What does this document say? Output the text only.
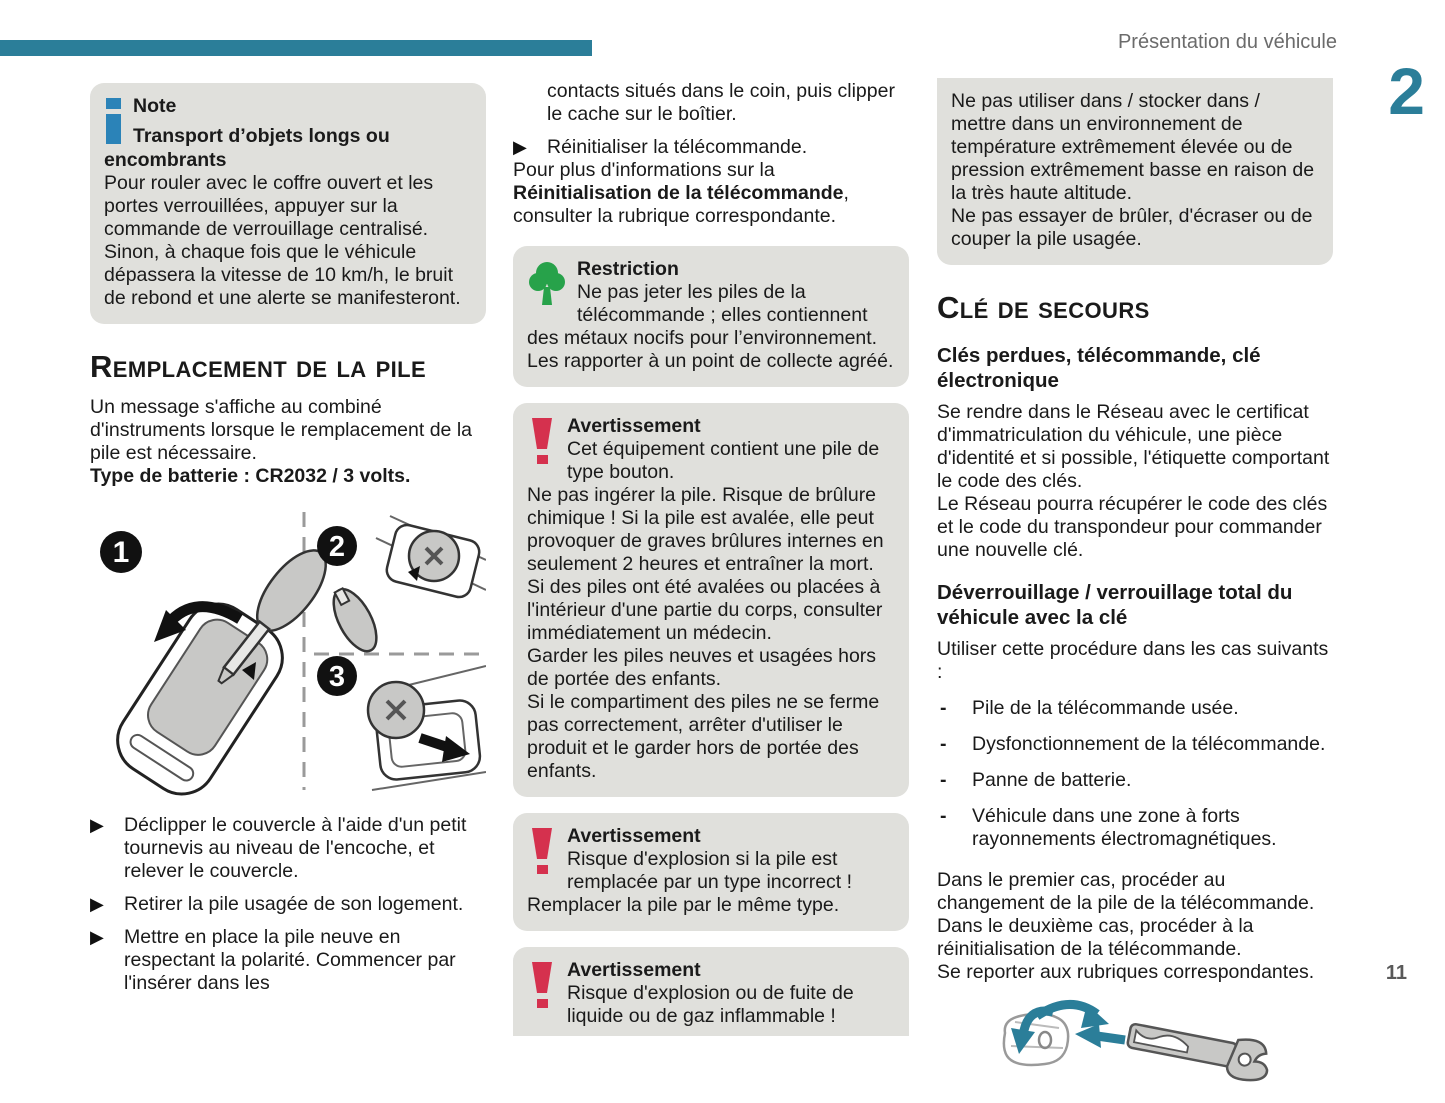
Présentation du véhicule
2
11
Note
Transport d’objets longs ou encombrants

Pour rouler avec le coffre ouvert et les portes verrouillées, appuyer sur la commande de verrouillage centralisé.

Sinon, à chaque fois que le véhicule dépassera la vitesse de 10 km/h, le bruit de rebond et une alerte se manifesteront.

Remplacement de la pile

Un message s'affiche au combiné d'instruments lorsque le remplacement de la pile est nécessaire.

Type de batterie : CR2032 / 3 volts.

1	2
3
▶	Déclipper le couvercle à l'aide d'un petit tournevis au niveau de l'encoche, et relever le couvercle.
▶	Retirer la pile usagée de son logement.
▶	Mettre en place la pile neuve en respectant la polarité. Commencer par l'insérer dans les

contacts situés dans le coin, puis clipper le cache sur le boîtier.

▶	Réinitialiser la télécommande.

Pour plus d'informations sur la Réinitialisation de la télécommande, consulter la rubrique correspondante.

Restriction

Ne pas jeter les piles de la télécommande ; elles contiennent des métaux nocifs pour l’environnement. Les rapporter à un point de collecte agréé.

Avertissement

Cet équipement contient une pile de type bouton.

Ne pas ingérer la pile. Risque de brûlure chimique ! Si la pile est avalée, elle peut provoquer de graves brûlures internes en seulement 2 heures et entraîner la mort.

Si des piles ont été avalées ou placées à l'intérieur d'une partie du corps, consulter immédiatement un médecin.

Garder les piles neuves et usagées hors de portée des enfants.

Si le compartiment des piles ne se ferme pas correctement, arrêter d'utiliser le produit et le garder hors de portée des enfants.

Avertissement

Risque d'explosion si la pile est remplacée par un type incorrect ! Remplacer la pile par le même type.

Avertissement

Risque d'explosion ou de fuite de liquide ou de gaz inflammable !

Ne pas utiliser dans / stocker dans / mettre dans un environnement de température extrêmement élevée ou de pression extrêmement basse en raison de la très haute altitude.

Ne pas essayer de brûler, d'écraser ou de couper la pile usagée.

Clé de secours
Clés perdues, télécommande, clé électronique

Se rendre dans le Réseau avec le certificat d'immatriculation du véhicule, une pièce d'identité et si possible, l'étiquette comportant le code des clés.

Le Réseau pourra récupérer le code des clés et le code du transpondeur pour commander une nouvelle clé.

Déverrouillage / verrouillage total du véhicule avec la clé

Utiliser cette procédure dans les cas suivants :

-	Pile de la télécommande usée.
-	Dysfonctionnement de la télécommande.
-	Panne de batterie.
-	Véhicule dans une zone à forts rayonnements électromagnétiques.

Dans le premier cas, procéder au changement de la pile de la télécommande.

Dans le deuxième cas, procéder à la réinitialisation de la télécommande.

Se reporter aux rubriques correspondantes.
